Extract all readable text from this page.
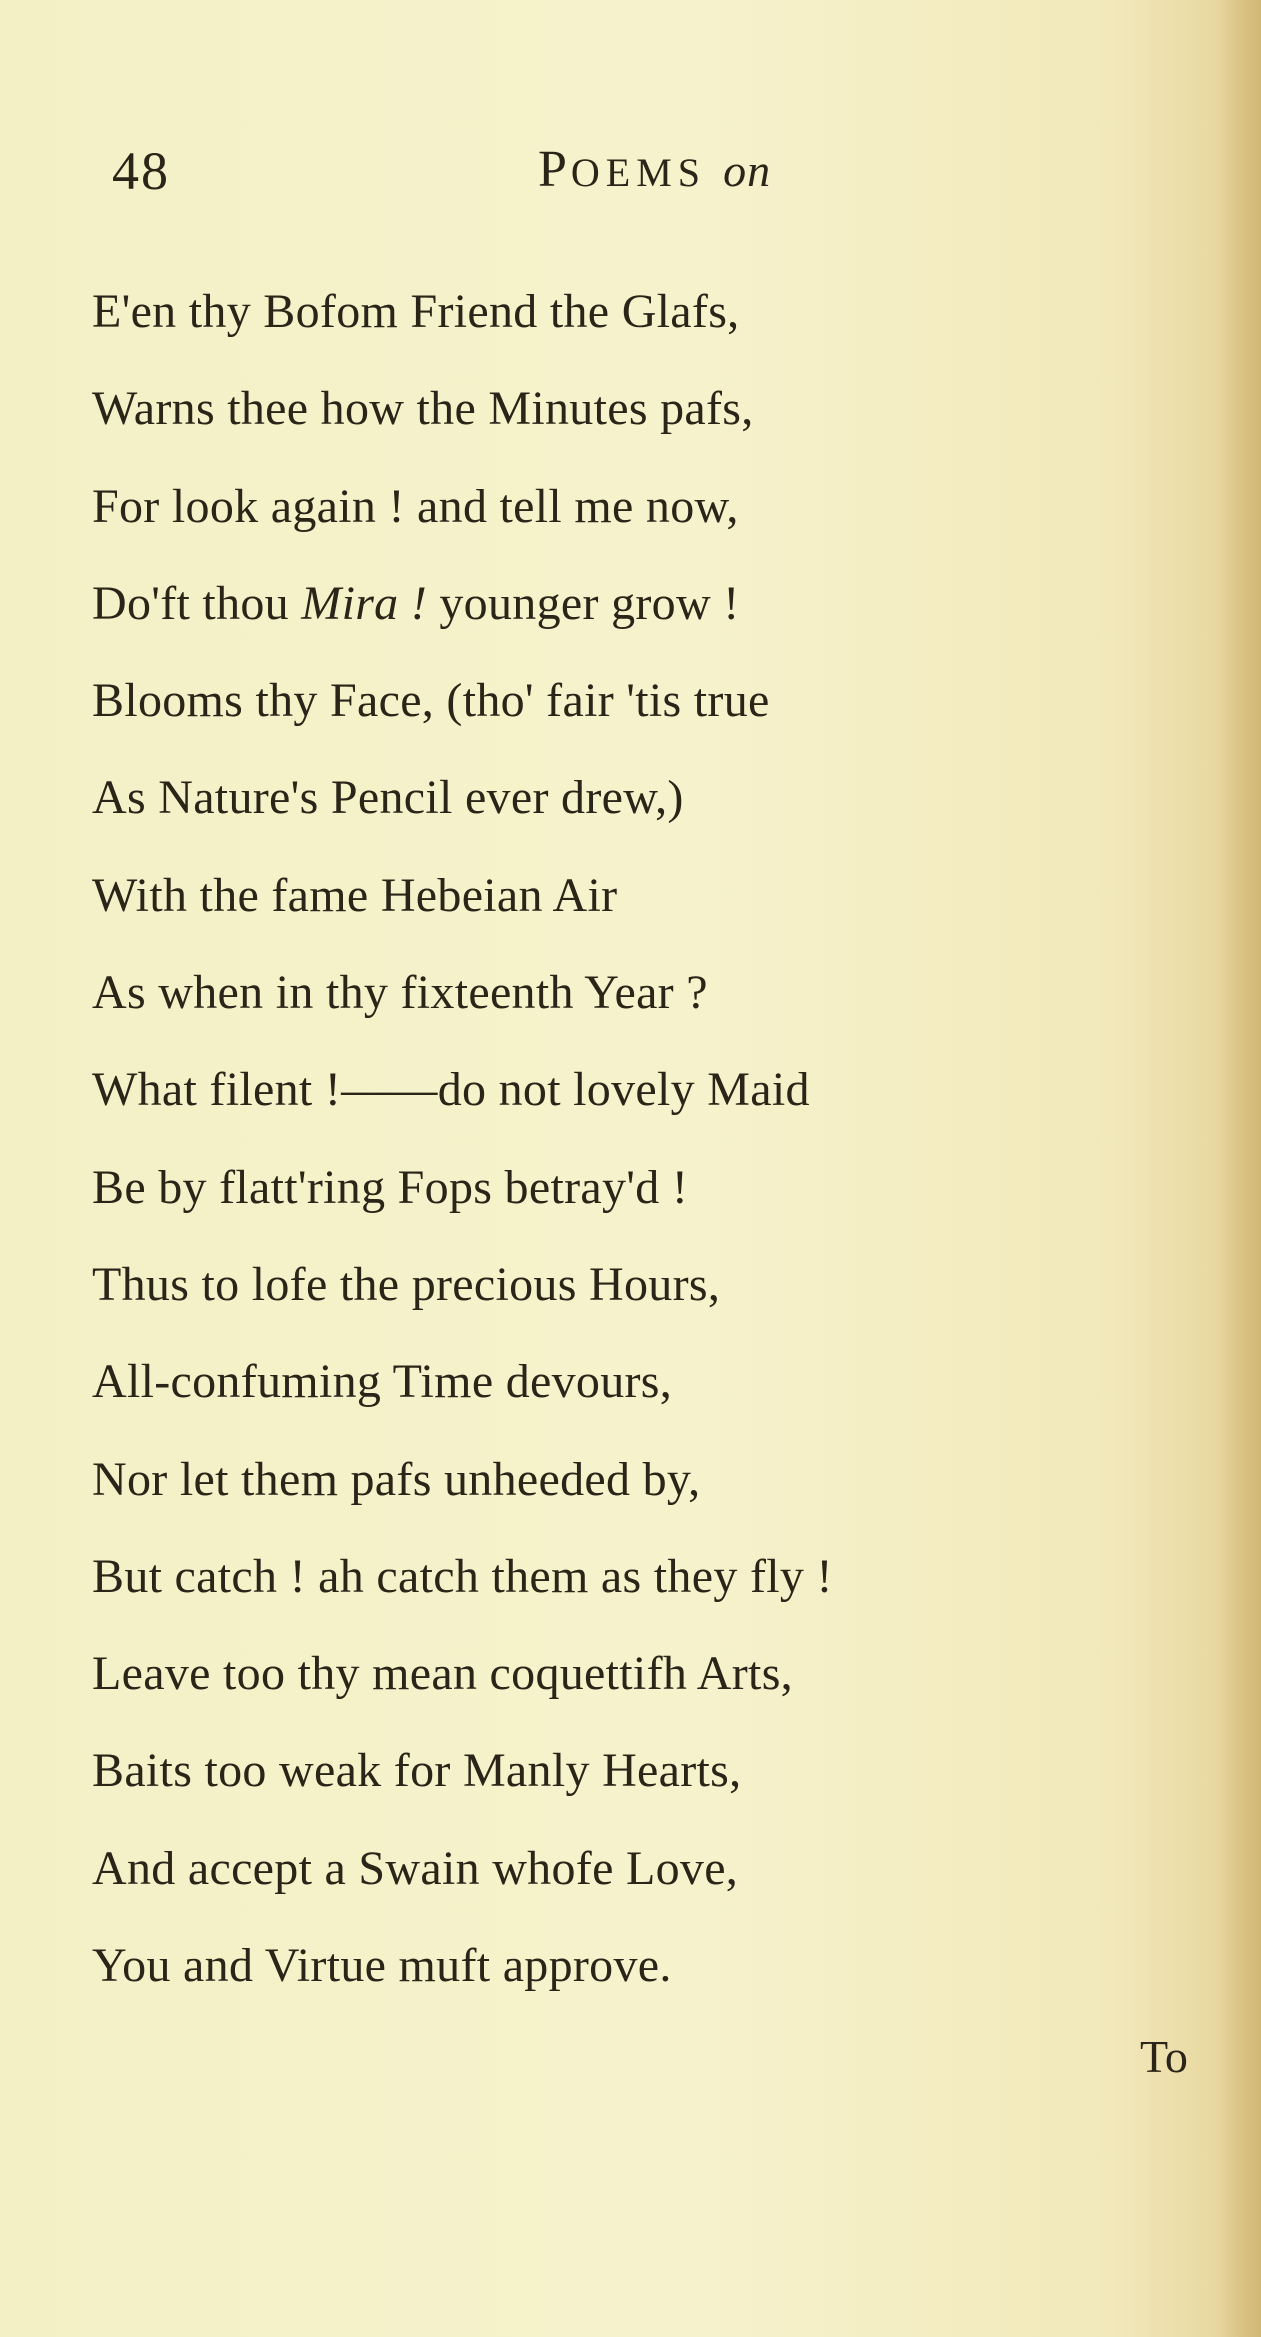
48	POEMS on
E'en thy Bofom Friend the Glafs,
Warns thee how the Minutes pafs,
For look again ! and tell me now,
Do'ft thou Mira ! younger grow !
Blooms thy Face, (tho' fair 'tis true
As Nature's Pencil ever drew,)
With the fame Hebeian Air
As when in thy fixteenth Year ?
What filent !——do not lovely Maid
Be by flatt'ring Fops betray'd !
Thus to lofe the precious Hours,
All-confuming Time devours,
Nor let them pafs unheeded by,
But catch ! ah catch them as they fly !
Leave too thy mean coquettifh Arts,
Baits too weak for Manly Hearts,
And accept a Swain whofe Love,
You and Virtue muft approve.
To
